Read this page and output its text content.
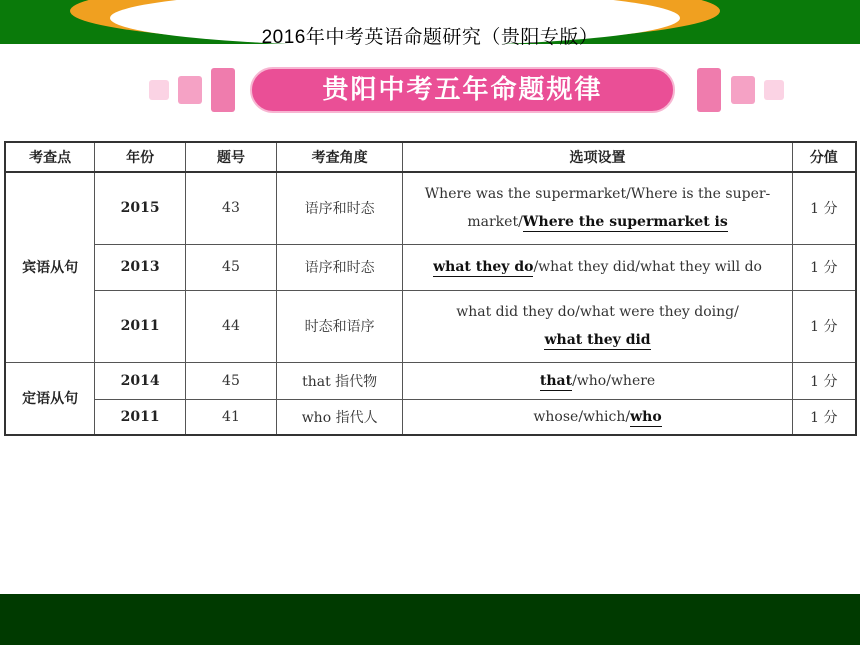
2016年中考英语命题研究（贵阳专版）
贵阳中考五年命题规律
考查点	年份	题号	考查角度	选项设置	分值
宾语从句	2015	43	语序和时态	Where was the supermarket/Where is the super-
market/Where the supermarket is	1 分
	2013	45	语序和时态	what they do/what they did/what they will do	1 分
	2011	44	时态和语序	what did they do/what were they doing/
what they did	1 分
定语从句	2014	45	that 指代物	that/who/where	1 分
	2011	41	who 指代人	whose/which/who	1 分
